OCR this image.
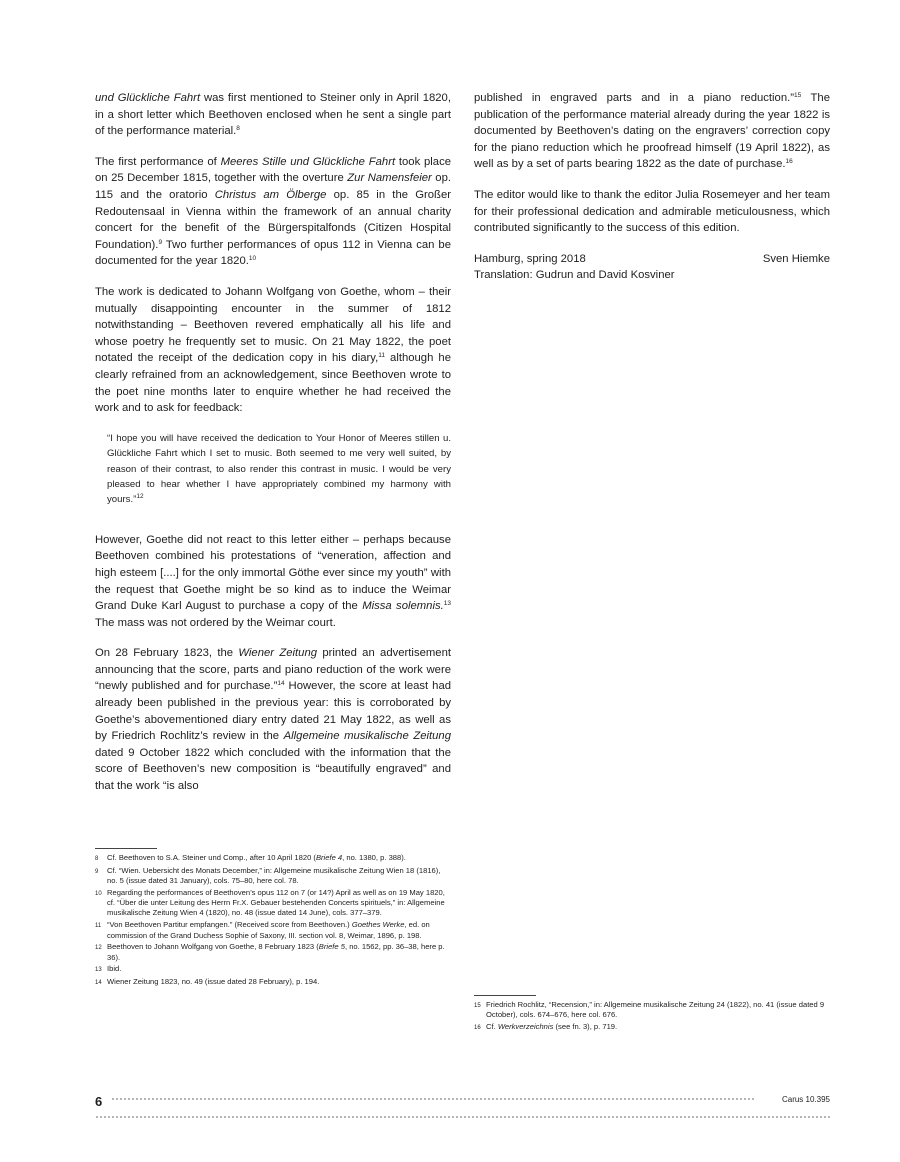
und Glückliche Fahrt was first mentioned to Steiner only in April 1820, in a short letter which Beethoven enclosed when he sent a single part of the performance material.$^8$

The first performance of Meeres Stille und Glückliche Fahrt took place on 25 December 1815, together with the overture Zur Namensfeier op. 115 and the oratorio Christus am Ölberge op. 85 in the Großer Redoutensaal in Vienna within the framework of an annual charity concert for the benefit of the Bürgerspitalfonds (Citizen Hospital Foundation).$^9$ Two further performances of opus 112 in Vienna can be documented for the year 1820.10

The work is dedicated to Johann Wolfgang von Goethe, whom – their mutually disappointing encounter in the summer of 1812 notwithstanding – Beethoven revered emphatically all his life and whose poetry he frequently set to music. On 21 May 1822, the poet notated the receipt of the dedication copy in his diary,$^{11}$ although he clearly refrained from an acknowledgement, since Beethoven wrote to the poet nine months later to enquire whether he had received the work and to ask for feedback:

“I hope you will have received the dedication to Your Honor of Meeres stillen u. Glückliche Fahrt which I set to music. Both seemed to me very well suited, by reason of their contrast, to also render this contrast in music. I would be very pleased to hear whether I have appropriately combined my harmony with yours.”$^{12}$

However, Goethe did not react to this letter either – perhaps because Beethoven combined his protestations of “veneration, affection and high esteem [....] for the only immortal Göthe ever since my youth” with the request that Goethe might be so kind as to induce the Weimar Grand Duke Karl August to purchase a copy of the Missa solemnis.$^{13}$ The mass was not ordered by the Weimar court.

On 28 February 1823, the Wiener Zeitung printed an advertisement announcing that the score, parts and piano reduction of the work were “newly published and for purchase.”$^{14}$ However, the score at least had already been published in the previous year: this is corroborated by Goethe’s abovementioned diary entry dated 21 May 1822, as well as by Friedrich Rochlitz’s review in the Allgemeine musikalische Zeitung dated 9 October 1822 which concluded with the information that the score of Beethoven’s new composition is “beautifully engraved” and that the work “is also

published in engraved parts and in a piano reduction.”$^{15}$ The publication of the performance material already during the year 1822 is documented by Beethoven’s dating on the engravers’ correction copy for the piano reduction which he proofread himself (19 April 1822), as well as by a set of parts bearing 1822 as the date of purchase.$^{16}$

The editor would like to thank the editor Julia Rosemeyer and her team for their professional dedication and admirable meticulousness, which contributed significantly to the success of this edition.

Hamburg, spring 2018	Sven Hiemke
Translation: Gudrun and David Kosviner
8	Cf. Beethoven to S.A. Steiner und Comp., after 10 April 1820 (Briefe 4, no. 1380, p. 388).
9	Cf. “Wien. Uebersicht des Monats December,” in: Allgemeine musikalische Zeitung Wien 18 (1816), no. 5 (issue dated 31 January), cols. 75–80, here col. 78.
10 Regarding the performances of Beethoven’s opus 112 on 7 (or 14?) April as well as on 19 May 1820, cf. “Über die unter Leitung des Herrn Fr.X. Gebauer bestehenden Concerts spirituels,” in: Allgemeine musikalische Zeitung Wien 4 (1820), no. 48 (issue dated 14 June), cols. 377–379.
11 “Von Beethoven Partitur empfangen.” (Received score from Beethoven.) Goethes Werke, ed. on commission of the Grand Duchess Sophie of Saxony, III. section vol. 8, Weimar, 1896, p. 198.
12 Beethoven to Johann Wolfgang von Goethe, 8 February 1823 (Briefe 5, no. 1562, pp. 36–38, here p. 36).
13 Ibid.
14 Wiener Zeitung 1823, no. 49 (issue dated 28 February), p. 194.
15 Friedrich Rochlitz, “Recension,” in: Allgemeine musikalische Zeitung 24 (1822), no. 41 (issue dated 9 October), cols. 674–676, here col. 676.
16 Cf. Werkverzeichnis (see fn. 3), p. 719.
6	Carus 10.395
